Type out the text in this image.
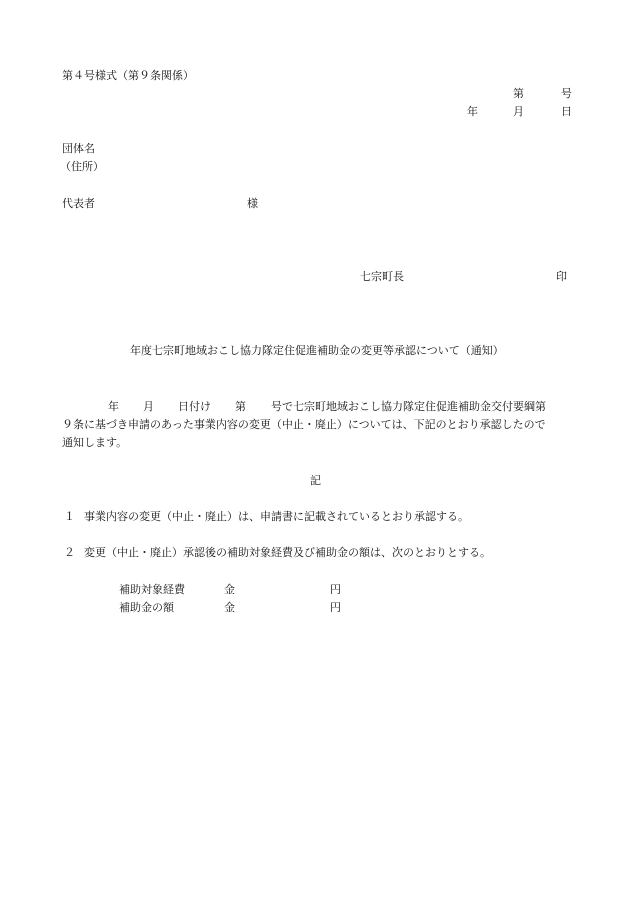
第４号様式（第９条関係）
第	号
年	月	日
団体名
（住所）
代表者	様
七宗町長	印
年度七宗町地域おこし協力隊定住促進補助金の変更等承認について（通知）
年 月 日付け 第 号で七宗町地域おこし協力隊定住促進補助金交付要綱第
９条に基づき申請のあった事業内容の変更（中止・廃止）については、下記のとおり承認したので
通知します。
記
１ 事業内容の変更（中止・廃止）は、申請書に記載されているとおり承認する。
２ 変更（中止・廃止）承認後の補助対象経費及び補助金の額は、次のとおりとする。
補助対象経費	金	円
補助金の額	金	円
